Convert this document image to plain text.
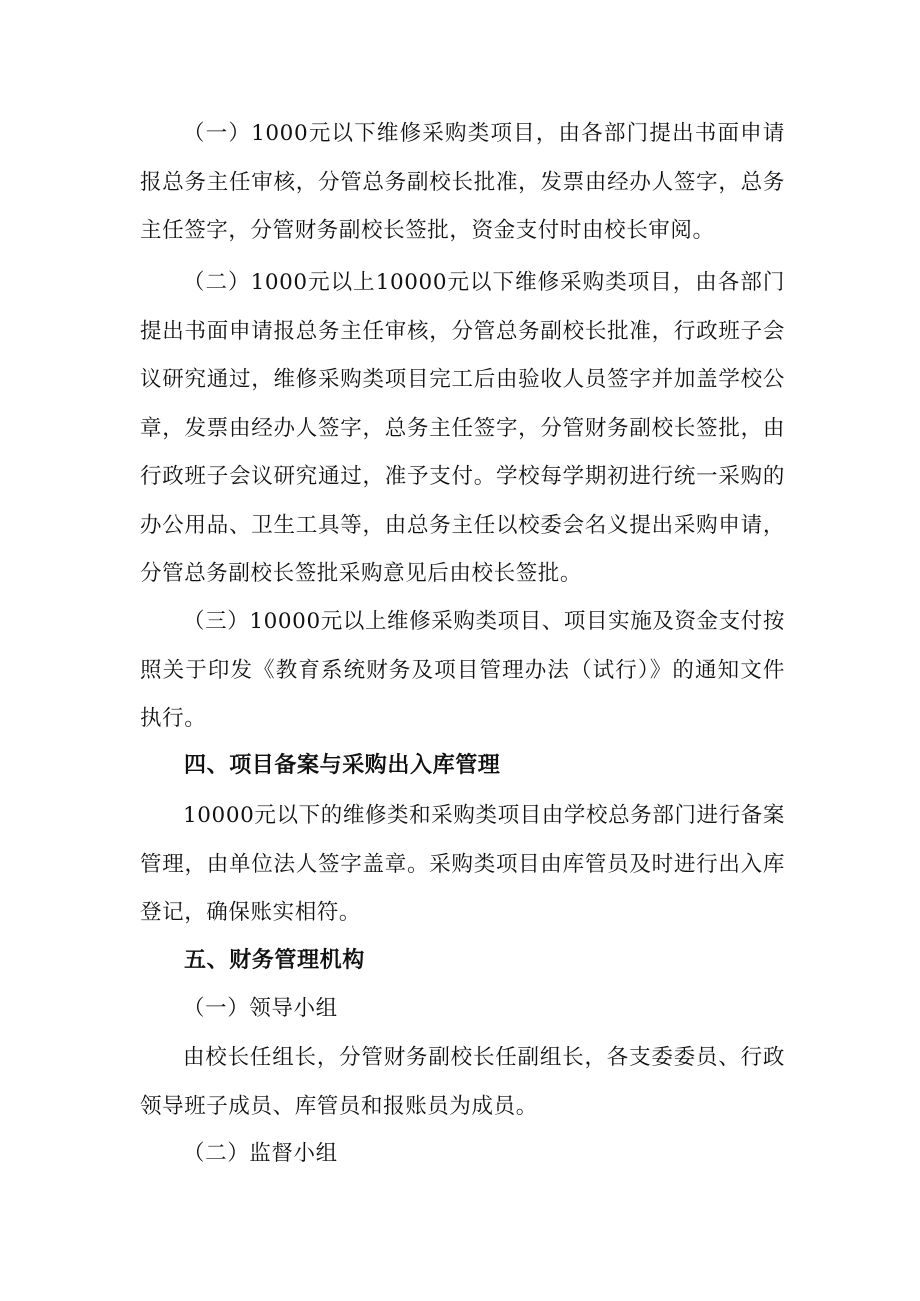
（一）1000元以下维修采购类项目，由各部门提出书面申请报总务主任审核，分管总务副校长批准，发票由经办人签字，总务主任签字，分管财务副校长签批，资金支付时由校长审阅。

（二）1000元以上10000元以下维修采购类项目，由各部门提出书面申请报总务主任审核，分管总务副校长批准，行政班子会议研究通过，维修采购类项目完工后由验收人员签字并加盖学校公章，发票由经办人签字，总务主任签字，分管财务副校长签批，由行政班子会议研究通过，准予支付。学校每学期初进行统一采购的办公用品、卫生工具等，由总务主任以校委会名义提出采购申请，分管总务副校长签批采购意见后由校长签批。

（三）10000元以上维修采购类项目、项目实施及资金支付按照关于印发《教育系统财务及项目管理办法（试行）》的通知文件执行。

四、项目备案与采购出入库管理

10000元以下的维修类和采购类项目由学校总务部门进行备案管理，由单位法人签字盖章。采购类项目由库管员及时进行出入库登记，确保账实相符。

五、财务管理机构

（一）领导小组

由校长任组长，分管财务副校长任副组长，各支委委员、行政领导班子成员、库管员和报账员为成员。

（二）监督小组
